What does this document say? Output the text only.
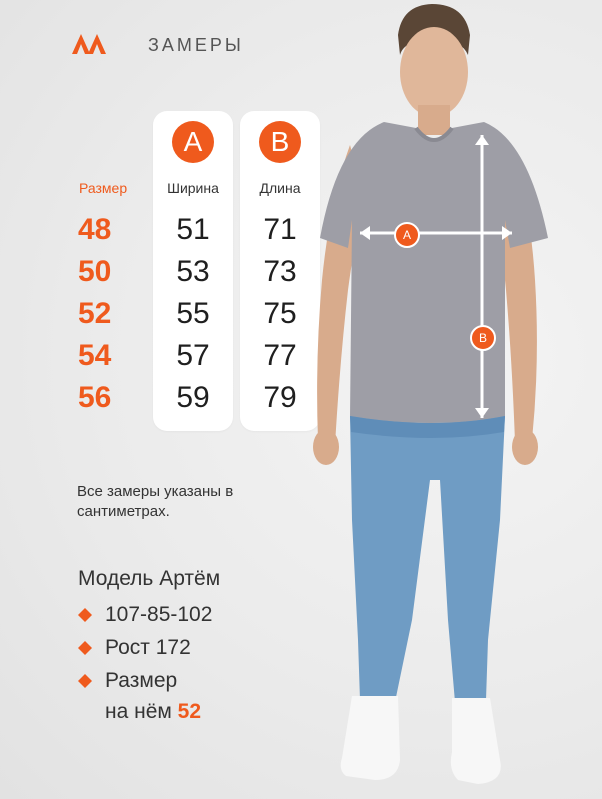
ЗАМЕРЫ
Размер
A
Ширина
B
Длина
48
50
52
54
56
51
53
55
57
59
71
73
75
77
79
Все замеры указаны в сантиметрах.
Модель Артём
107-85-102
Рост 172
Размер
на нём 52
A
B
